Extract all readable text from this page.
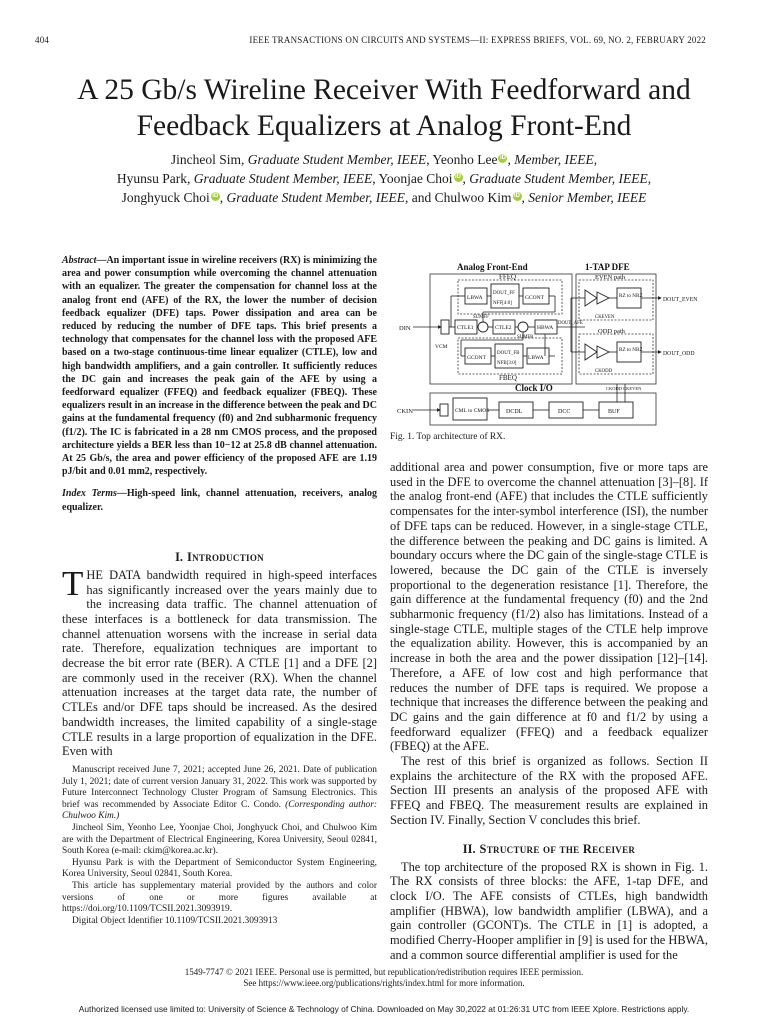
404	IEEE TRANSACTIONS ON CIRCUITS AND SYSTEMS—II: EXPRESS BRIEFS, VOL. 69, NO. 2, FEBRUARY 2022
A 25 Gb/s Wireline Receiver With Feedforward and
Feedback Equalizers at Analog Front-End
Jincheol Sim, Graduate Student Member, IEEE, Yeonho Lee iD , Member, IEEE,
Hyunsu Park, Graduate Student Member, IEEE, Yoonjae Choi iD , Graduate Student Member, IEEE,
Jonghyuck Choi iD , Graduate Student Member, IEEE, and Chulwoo Kim iD , Senior Member, IEEE
Abstract—An important issue in wireline receivers (RX) is minimizing the area and power consumption while overcoming the channel attenuation with an equalizer. The greater the compensation for channel loss at the analog front end (AFE) of the RX, the lower the number of decision feedback equalizer (DFE) taps. Power dissipation and area can be reduced by reducing the number of DFE taps. This brief presents a technology that compensates for the channel loss with the proposed AFE based on a two-stage continuous-time linear equalizer (CTLE), low and high bandwidth amplifiers, and a gain controller. It sufficiently reduces the DC gain and increases the peak gain of the AFE by using a feedforward equalizer (FFEQ) and feedback equalizer (FBEQ). These equalizers result in an increase in the difference between the peak and DC gains at the fundamental frequency (f0) and 2nd subharmonic frequency (f1/2). The IC is fabricated in a 28 nm CMOS process, and the proposed architecture yields a BER less than 10−12 at 25.8 dB channel attenuation. At 25 Gb/s, the area and power efficiency of the proposed AFE are 1.19 pJ/bit and 0.01 mm2, respectively.
Index Terms—High-speed link, channel attenuation, receivers, analog equalizer.
I. Introduction

THE DATA bandwidth required in high-speed interfaces has significantly increased over the years mainly due to the increasing data traffic. The channel attenuation of these interfaces is a bottleneck for data transmission. The channel attenuation worsens with the increase in serial data rate. Therefore, equalization techniques are important to decrease the bit error rate (BER). A CTLE [1] and a DFE [2] are commonly used in the receiver (RX). When the channel attenuation increases at the target data rate, the number of CTLEs and/or DFE taps should be increased. As the desired bandwidth increases, the limited capability of a single-stage CTLE results in a large proportion of equalization in the DFE. Even with

Manuscript received June 7, 2021; accepted June 26, 2021. Date of publication July 1, 2021; date of current version January 31, 2022. This work was supported by Future Interconnect Technology Cluster Program of Samsung Electronics. This brief was recommended by Associate Editor C. Condo. (Corresponding author: Chulwoo Kim.)

Jincheol Sim, Yeonho Lee, Yoonjae Choi, Jonghyuck Choi, and Chulwoo Kim are with the Department of Electrical Engineering, Korea University, Seoul 02841, South Korea (e-mail: ckim@korea.ac.kr).

Hyunsu Park is with the Department of Semiconductor System Engineering, Korea University, Seoul 02841, South Korea.

This article has supplementary material provided by the authors and color versions of one or more figures available at https://doi.org/10.1109/TCSII.2021.3093919.

Digital Object Identifier 10.1109/TCSII.2021.3093913

Analog Front-End	1-TAP DFE
FFEQ
FBEQ
EVEN path
ODD path
Clock I/O
LBWA
DOUT_FF
NFF[4:0]
GCONT
CTLE1	CTLE2	HBWA
SUMFF
SUMFB
GCONT
DOUT_FB
NFB[3:0]
LBWA
DIN
VCM
DOUT_AFE
RZ to NRZ
RZ to NRZ
CKEVEN
CKODD
DOUT_EVEN
DOUT_ODD
CKIN	CML to CMOS	DCDL	DCC	BUF
CKODD CKEVEN
Fig. 1. Top architecture of RX.

additional area and power consumption, five or more taps are used in the DFE to overcome the channel attenuation [3]–[8]. If the analog front-end (AFE) that includes the CTLE sufficiently compensates for the inter-symbol interference (ISI), the number of DFE taps can be reduced. However, in a single-stage CTLE, the difference between the peaking and DC gains is limited. A boundary occurs where the DC gain of the single-stage CTLE is lowered, because the DC gain of the CTLE is inversely proportional to the degeneration resistance [1]. Therefore, the gain difference at the fundamental frequency (f0) and the 2nd subharmonic frequency (f1/2) also has limitations. Instead of a single-stage CTLE, multiple stages of the CTLE help improve the equalization ability. However, this is accompanied by an increase in both the area and the power dissipation [12]–[14]. Therefore, a AFE of low cost and high performance that reduces the number of DFE taps is required. We propose a technique that increases the difference between the peaking and DC gains and the gain difference at f0 and f1/2 by using a feedforward equalizer (FFEQ) and a feedback equalizer (FBEQ) at the AFE.

The rest of this brief is organized as follows. Section II explains the architecture of the RX with the proposed AFE. Section III presents an analysis of the proposed AFE with FFEQ and FBEQ. The measurement results are explained in Section IV. Finally, Section V concludes this brief.

II. Structure of the Receiver

The top architecture of the proposed RX is shown in Fig. 1. The RX consists of three blocks: the AFE, 1-tap DFE, and clock I/O. The AFE consists of CTLEs, high bandwidth amplifier (HBWA), low bandwidth amplifier (LBWA), and a gain controller (GCONT)s. The CTLE in [1] is adopted, a modified Cherry-Hooper amplifier in [9] is used for the HBWA, and a common source differential amplifier is used for the

1549-7747 © 2021 IEEE. Personal use is permitted, but republication/redistribution requires IEEE permission.
See https://www.ieee.org/publications/rights/index.html for more information.
Authorized licensed use limited to: University of Science & Technology of China. Downloaded on May 30,2022 at 01:26:31 UTC from IEEE Xplore. Restrictions apply.
